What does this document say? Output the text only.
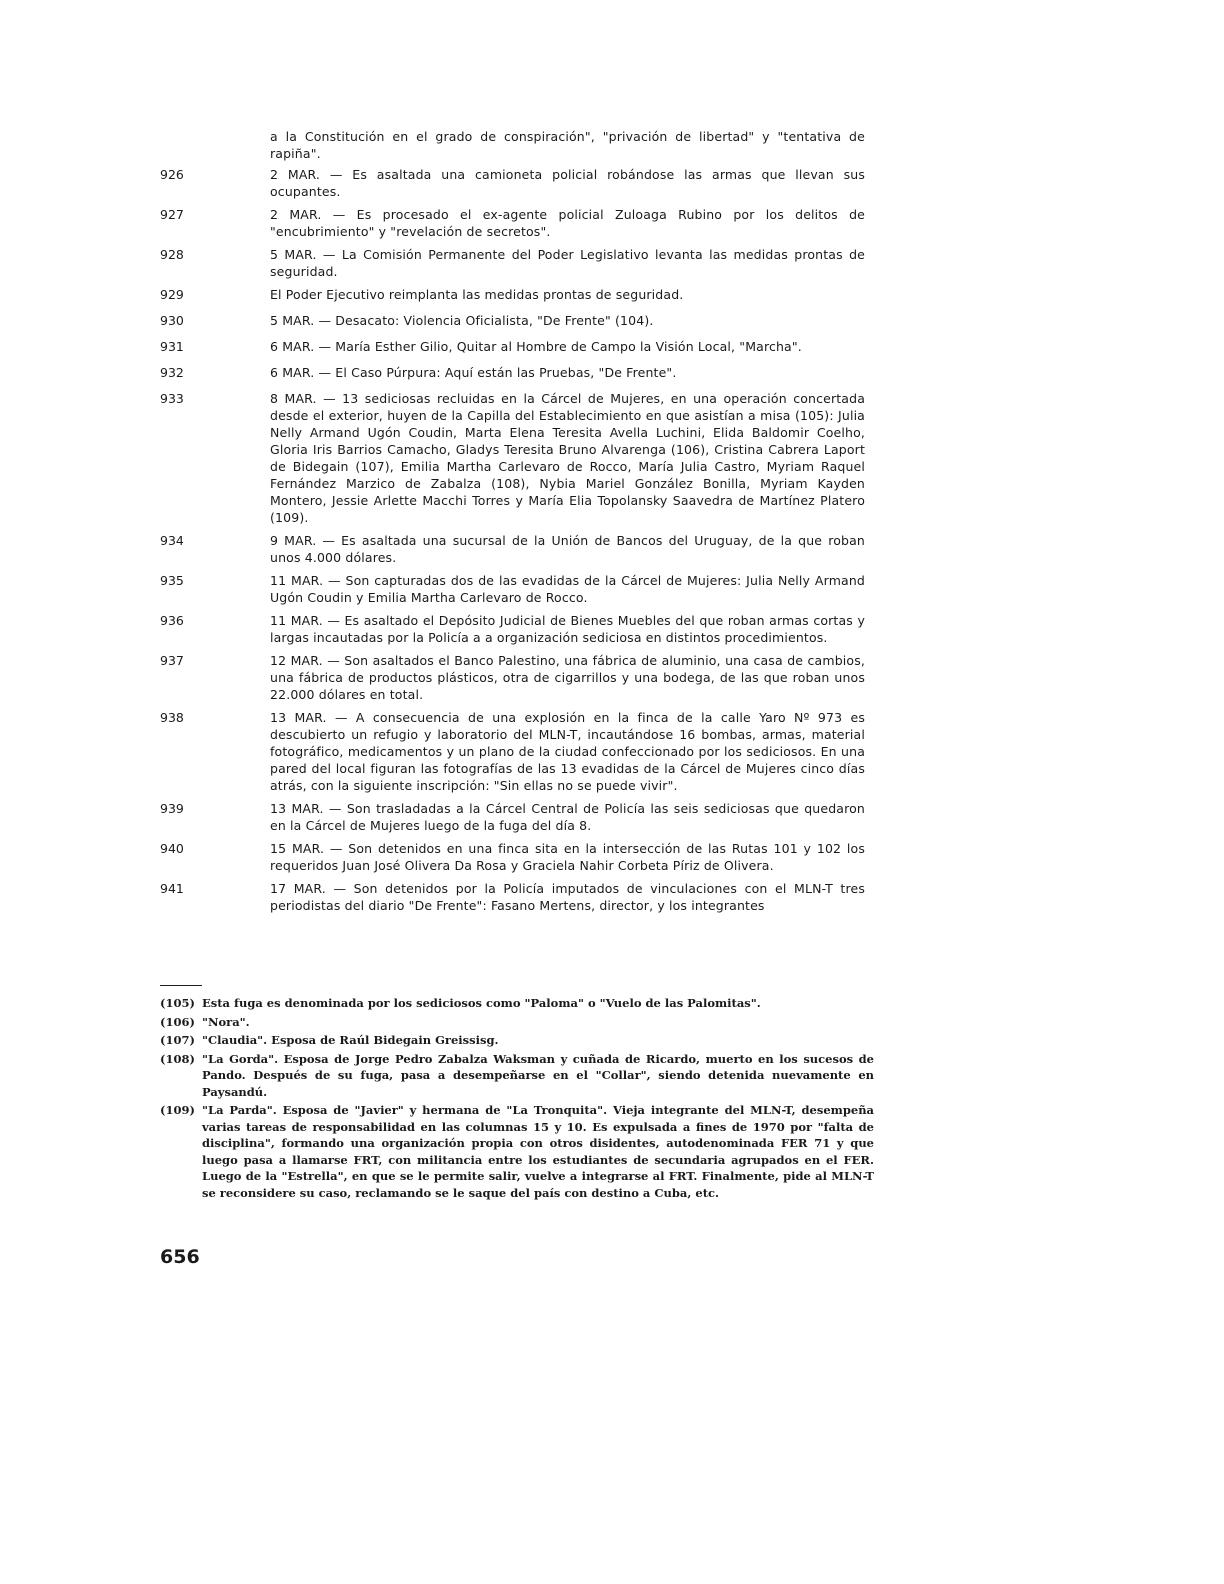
a la Constitución en el grado de conspiración", "privación de libertad" y "tentativa de rapiña".
926	2 MAR. — Es asaltada una camioneta policial robándose las armas que llevan sus ocupantes.
927	2 MAR. — Es procesado el ex-agente policial Zuloaga Rubino por los delitos de "encubrimiento" y "revelación de secretos".
928	5 MAR. — La Comisión Permanente del Poder Legislativo levanta las medidas prontas de seguridad.
929	El Poder Ejecutivo reimplanta las medidas prontas de seguridad.
930	5 MAR. — Desacato: Violencia Oficialista, "De Frente" (104).
931	6 MAR. — María Esther Gilio, Quitar al Hombre de Campo la Visión Local, "Marcha".
932	6 MAR. — El Caso Púrpura: Aquí están las Pruebas, "De Frente".
933	8 MAR. — 13 sediciosas recluidas en la Cárcel de Mujeres, en una operación concertada desde el exterior, huyen de la Capilla del Establecimiento en que asistían a misa (105): Julia Nelly Armand Ugón Coudin, Marta Elena Teresita Avella Luchini, Elida Baldomir Coelho, Gloria Iris Barrios Camacho, Gladys Teresita Bruno Alvarenga (106), Cristina Cabrera Laport de Bidegain (107), Emilia Martha Carlevaro de Rocco, María Julia Castro, Myriam Raquel Fernández Marzico de Zabalza (108), Nybia Mariel González Bonilla, Myriam Kayden Montero, Jessie Arlette Macchi Torres y María Elia Topolansky Saavedra de Martínez Platero (109).
934	9 MAR. — Es asaltada una sucursal de la Unión de Bancos del Uruguay, de la que roban unos 4.000 dólares.
935	11 MAR. — Son capturadas dos de las evadidas de la Cárcel de Mujeres: Julia Nelly Armand Ugón Coudin y Emilia Martha Carlevaro de Rocco.
936	11 MAR. — Es asaltado el Depósito Judicial de Bienes Muebles del que roban armas cortas y largas incautadas por la Policía a a organización sediciosa en distintos procedimientos.
937	12 MAR. — Son asaltados el Banco Palestino, una fábrica de aluminio, una casa de cambios, una fábrica de productos plásticos, otra de cigarrillos y una bodega, de las que roban unos 22.000 dólares en total.
938	13 MAR. — A consecuencia de una explosión en la finca de la calle Yaro Nº 973 es descubierto un refugio y laboratorio del MLN-T, incautándose 16 bombas, armas, material fotográfico, medicamentos y un plano de la ciudad confeccionado por los sediciosos. En una pared del local figuran las fotografías de las 13 evadidas de la Cárcel de Mujeres cinco días atrás, con la siguiente inscripción: "Sin ellas no se puede vivir".
939	13 MAR. — Son trasladadas a la Cárcel Central de Policía las seis sediciosas que quedaron en la Cárcel de Mujeres luego de la fuga del día 8.
940	15 MAR. — Son detenidos en una finca sita en la intersección de las Rutas 101 y 102 los requeridos Juan José Olivera Da Rosa y Graciela Nahir Corbeta Píriz de Olivera.
941	17 MAR. — Son detenidos por la Policía imputados de vinculaciones con el MLN-T tres periodistas del diario "De Frente": Fasano Mertens, director, y los integrantes
(105) Esta fuga es denominada por los sediciosos como "Paloma" o "Vuelo de las Palomitas".
(106) "Nora".
(107) "Claudia". Esposa de Raúl Bidegain Greissisg.
(108) "La Gorda". Esposa de Jorge Pedro Zabalza Waksman y cuñada de Ricardo, muerto en los sucesos de Pando. Después de su fuga, pasa a desempeñarse en el "Collar", siendo detenida nuevamente en Paysandú.
(109) "La Parda". Esposa de "Javier" y hermana de "La Tronquita". Vieja integrante del MLN-T, desempeña varias tareas de responsabilidad en las columnas 15 y 10. Es expulsada a fines de 1970 por "falta de disciplina", formando una organización propia con otros disidentes, autodenominada FER 71 y que luego pasa a llamarse FRT, con militancia entre los estudiantes de secundaria agrupados en el FER. Luego de la "Estrella", en que se le permite salir, vuelve a integrarse al FRT. Finalmente, pide al MLN-T se reconsidere su caso, reclamando se le saque del país con destino a Cuba, etc.
656
